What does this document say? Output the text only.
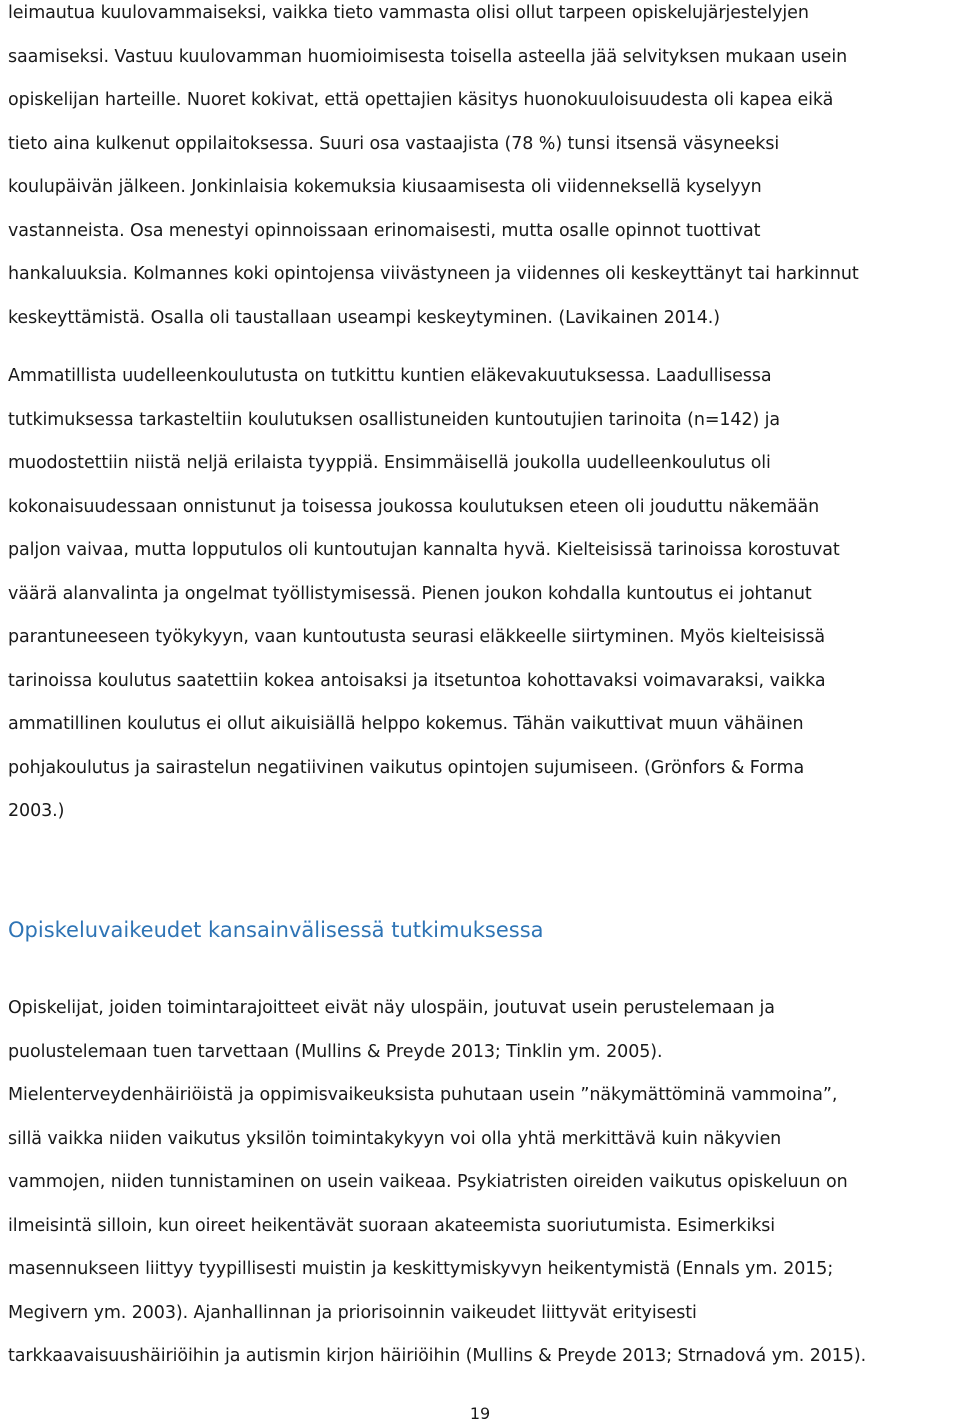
leimautua kuulovammaiseksi, vaikka tieto vammasta olisi ollut tarpeen opiskelujärjestelyjen
saamiseksi. Vastuu kuulovamman huomioimisesta toisella asteella jää selvityksen mukaan usein
opiskelijan harteille. Nuoret kokivat, että opettajien käsitys huonokuuloisuudesta oli kapea eikä
tieto aina kulkenut oppilaitoksessa. Suuri osa vastaajista (78 %) tunsi itsensä väsyneeksi
koulupäivän jälkeen. Jonkinlaisia kokemuksia kiusaamisesta oli viidenneksellä kyselyyn
vastanneista. Osa menestyi opinnoissaan erinomaisesti, mutta osalle opinnot tuottivat
hankaluuksia. Kolmannes koki opintojensa viivästyneen ja viidennes oli keskeyttänyt tai harkinnut
keskeyttämistä. Osalla oli taustallaan useampi keskeytyminen. (Lavikainen 2014.)

Ammatillista uudelleenkoulutusta on tutkittu kuntien eläkevakuutuksessa. Laadullisessa
tutkimuksessa tarkasteltiin koulutuksen osallistuneiden kuntoutujien tarinoita (n=142) ja
muodostettiin niistä neljä erilaista tyyppiä. Ensimmäisellä joukolla uudelleenkoulutus oli
kokonaisuudessaan onnistunut ja toisessa joukossa koulutuksen eteen oli jouduttu näkemään
paljon vaivaa, mutta lopputulos oli kuntoutujan kannalta hyvä. Kielteisissä tarinoissa korostuvat
väärä alanvalinta ja ongelmat työllistymisessä. Pienen joukon kohdalla kuntoutus ei johtanut
parantuneeseen työkykyyn, vaan kuntoutusta seurasi eläkkeelle siirtyminen. Myös kielteisissä
tarinoissa koulutus saatettiin kokea antoisaksi ja itsetuntoa kohottavaksi voimavaraksi, vaikka
ammatillinen koulutus ei ollut aikuisiällä helppo kokemus. Tähän vaikuttivat muun vähäinen
pohjakoulutus ja sairastelun negatiivinen vaikutus opintojen sujumiseen. (Grönfors & Forma
2003.)

Opiskeluvaikeudet kansainvälisessä tutkimuksessa

Opiskelijat, joiden toimintarajoitteet eivät näy ulospäin, joutuvat usein perustelemaan ja
puolustelemaan tuen tarvettaan (Mullins & Preyde 2013; Tinklin ym. 2005).
Mielenterveydenhäiriöistä ja oppimisvaikeuksista puhutaan usein ”näkymättöminä vammoina”,
sillä vaikka niiden vaikutus yksilön toimintakykyyn voi olla yhtä merkittävä kuin näkyvien
vammojen, niiden tunnistaminen on usein vaikeaa. Psykiatristen oireiden vaikutus opiskeluun on
ilmeisintä silloin, kun oireet heikentävät suoraan akateemista suoriutumista. Esimerkiksi
masennukseen liittyy tyypillisesti muistin ja keskittymiskyvyn heikentymistä (Ennals ym. 2015;
Megivern ym. 2003). Ajanhallinnan ja priorisoinnin vaikeudet liittyvät erityisesti
tarkkaavaisuushäiriöihin ja autismin kirjon häiriöihin (Mullins & Preyde 2013; Strnadová ym. 2015).

19
